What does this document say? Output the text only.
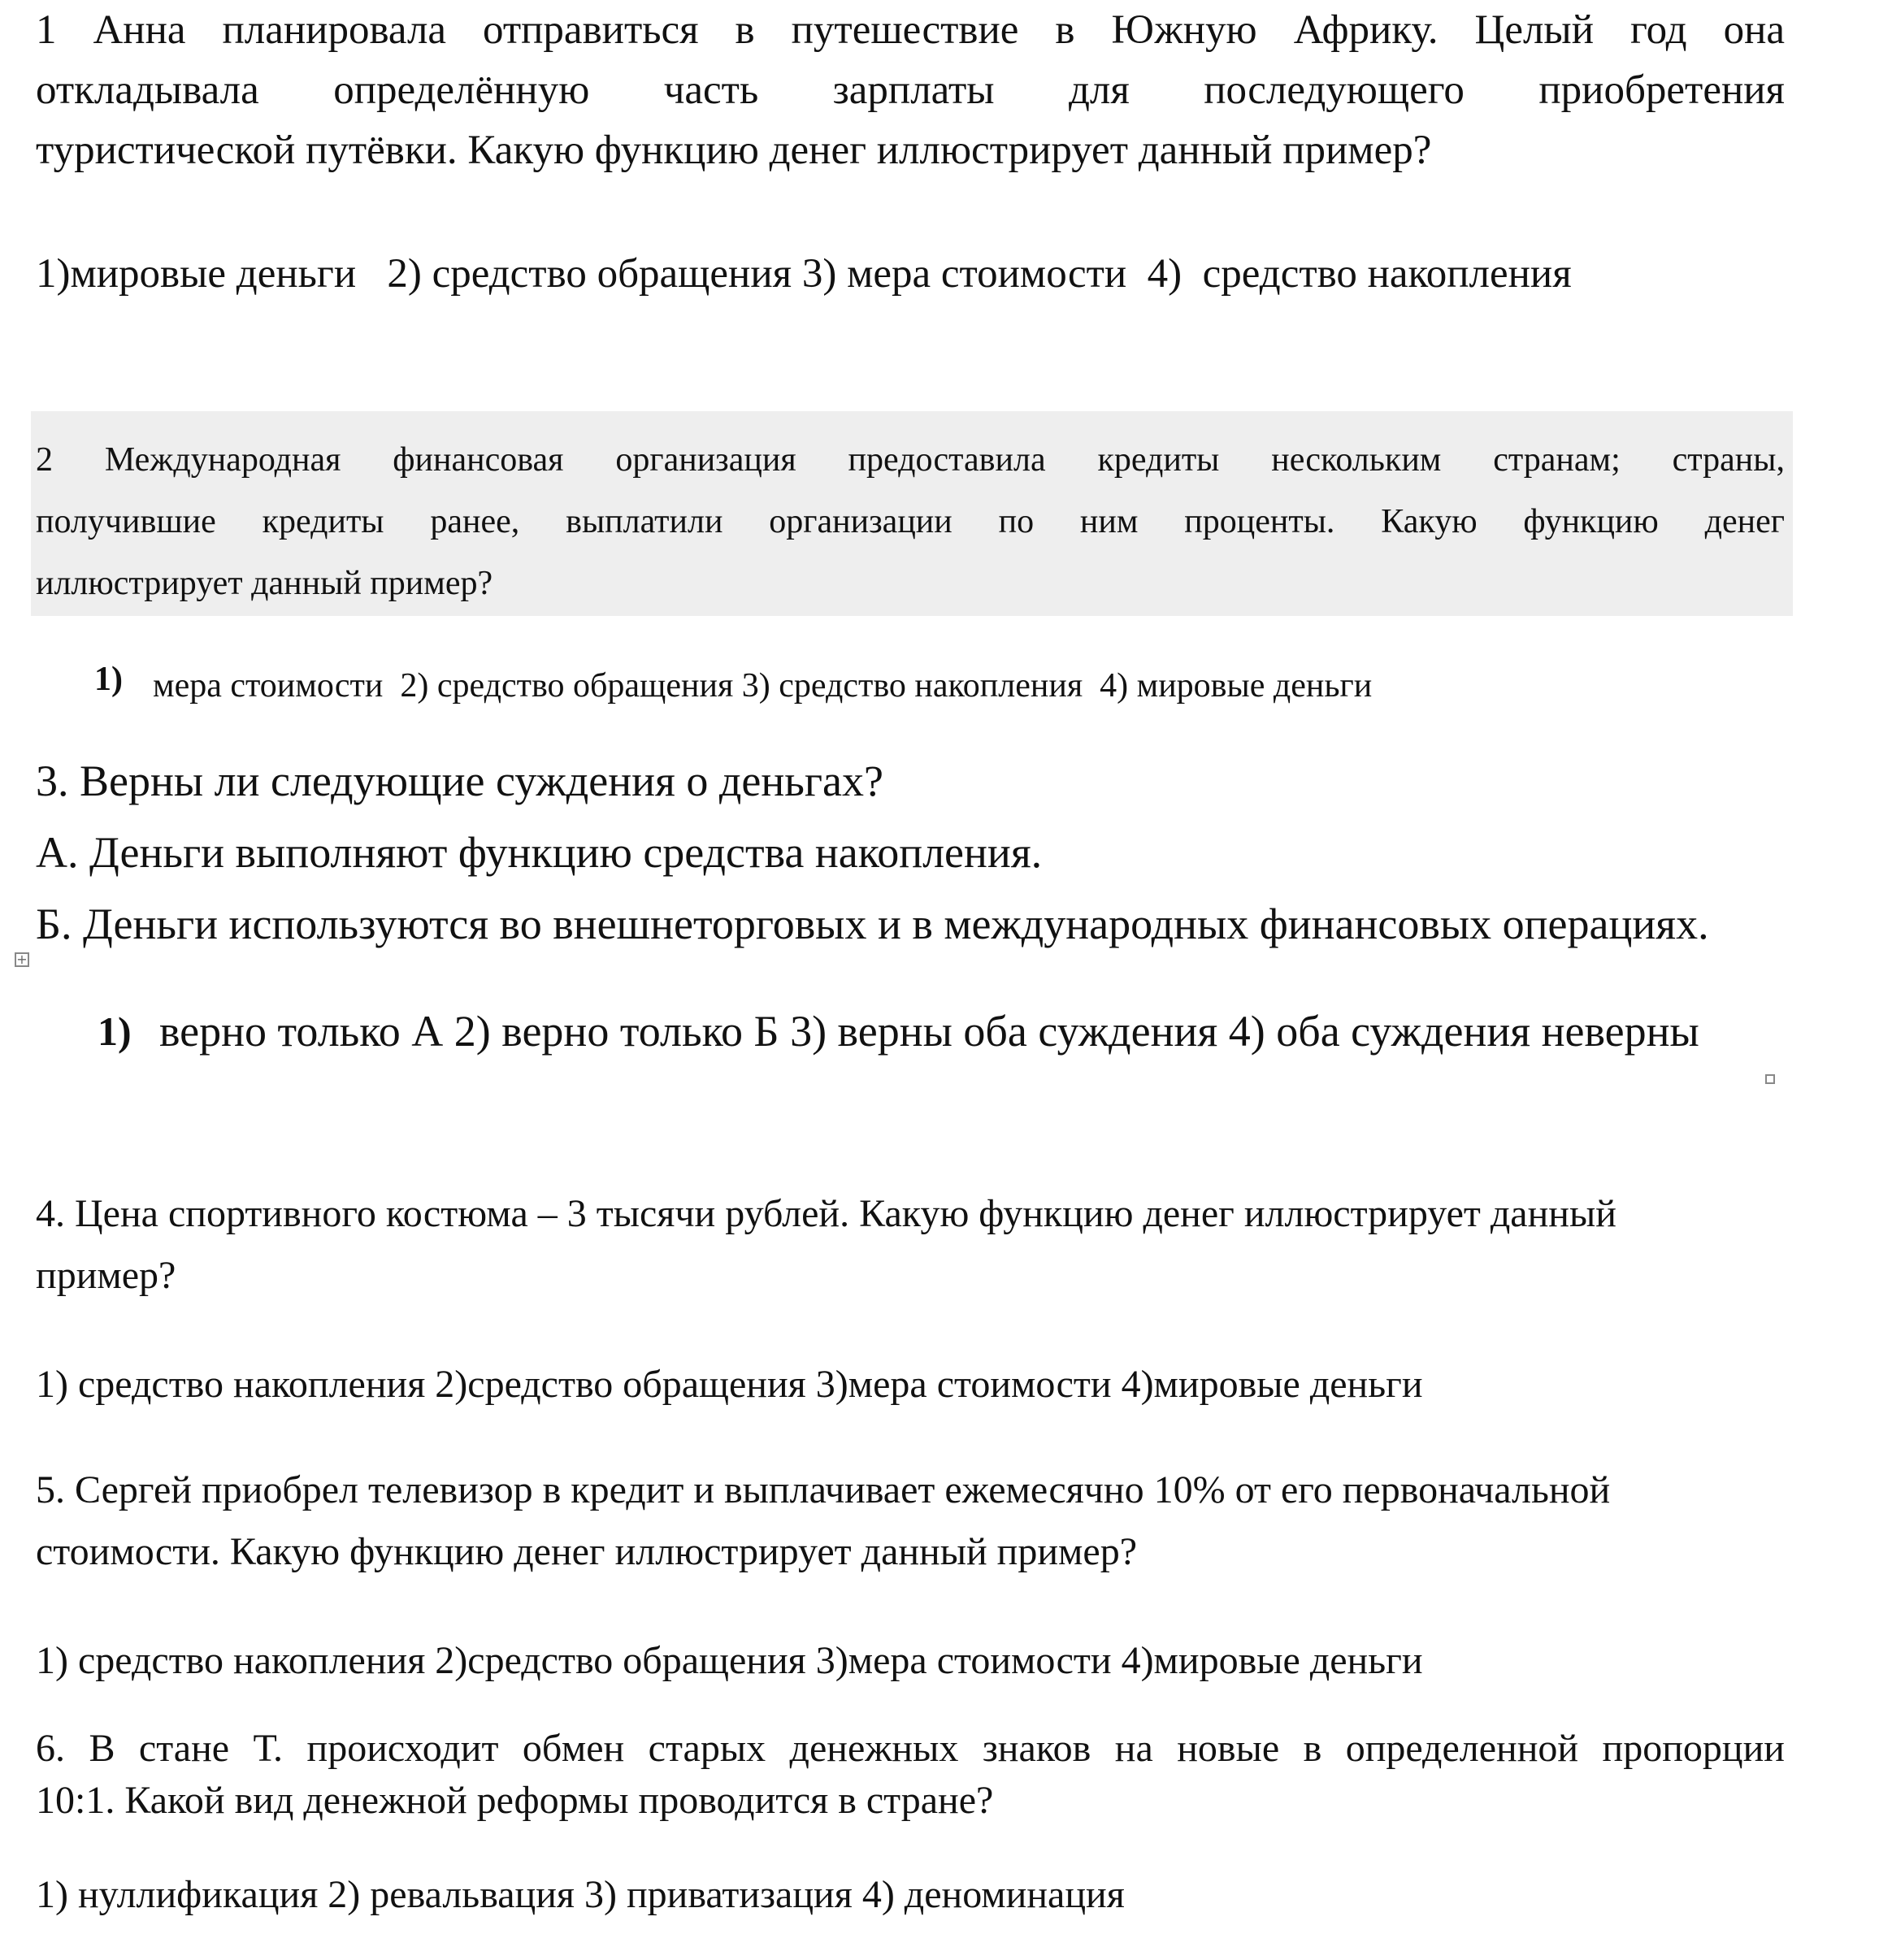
1 Анна планировала отправиться в путешествие в Южную Африку. Целый год она
откладывала определённую часть зарплаты для последующего приобретения
туристической путёвки. Какую функцию денег иллюстрирует данный пример?
1)мировые деньги   2) средство обращения 3) мера стоимости  4)  средство накопления
2 Международная финансовая организация предоставила кредиты нескольким странам; страны,
получившие кредиты ранее, выплатили организации по ним проценты. Какую функцию денег
иллюстрирует данный пример?
1) мера стоимости  2) средство обращения 3) средство накопления  4) мировые деньги
3. Верны ли следующие суждения о деньгах?
А. Деньги выполняют функцию средства накопления.
Б. Деньги используются во внешнеторговых и в международных финансовых операциях.
+
1) верно только А 2) верно только Б 3) верны оба суждения 4) оба суждения неверны
4. Цена спортивного костюма – 3 тысячи рублей. Какую функцию денег иллюстрирует данный
пример?
1) средство накопления 2)средство обращения 3)мера стоимости 4)мировые деньги
5. Сергей приобрел телевизор в кредит и выплачивает ежемесячно 10% от его первоначальной
стоимости. Какую функцию денег иллюстрирует данный пример?
1) средство накопления 2)средство обращения 3)мера стоимости 4)мировые деньги
6. В стане Т. происходит обмен старых денежных знаков на новые в определенной пропорции
10:1. Какой вид денежной реформы проводится в стране?
1) нуллификация 2) ревальвация 3) приватизация 4) деноминация
